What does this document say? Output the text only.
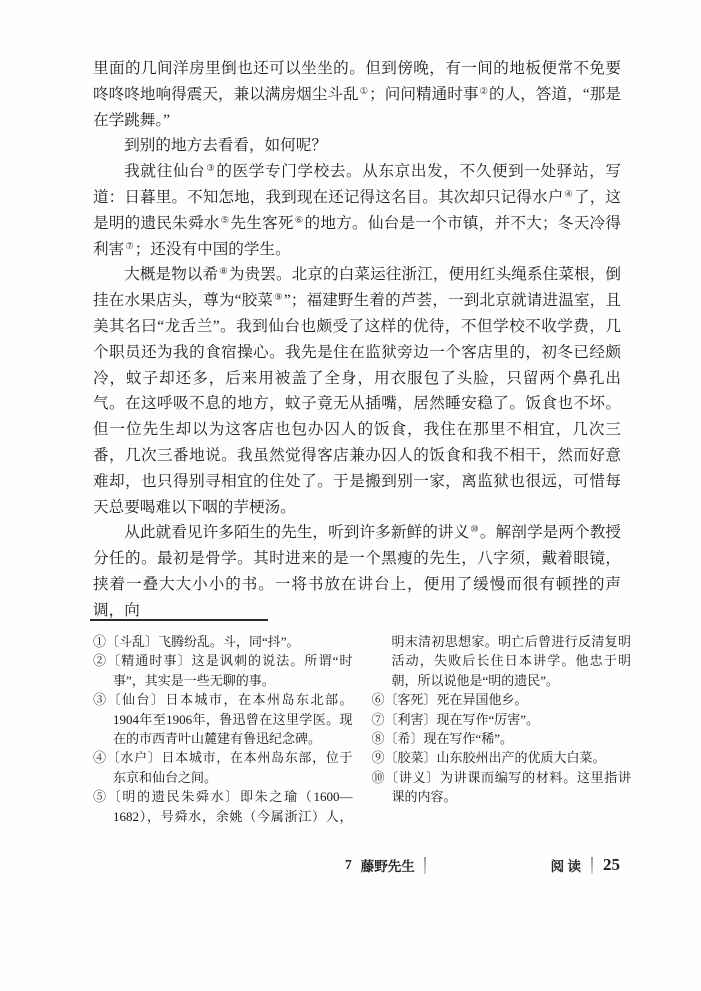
里面的几间洋房里倒也还可以坐坐的。但到傍晚，有一间的地板便常不免要咚咚咚地响得震天，兼以满房烟尘斗乱①；问问精通时事②的人，答道，“那是在学跳舞。”

到别的地方去看看，如何呢？

我就往仙台③的医学专门学校去。从东京出发，不久便到一处驿站，写道：日暮里。不知怎地，我到现在还记得这名目。其次却只记得水户④了，这是明的遗民朱舜水⑤先生客死⑥的地方。仙台是一个市镇，并不大；冬天冷得利害⑦；还没有中国的学生。

大概是物以希⑧为贵罢。北京的白菜运往浙江，便用红头绳系住菜根，倒挂在水果店头，尊为“胶菜⑨”；福建野生着的芦荟，一到北京就请进温室，且美其名曰“龙舌兰”。我到仙台也颇受了这样的优待，不但学校不收学费，几个职员还为我的食宿操心。我先是住在监狱旁边一个客店里的，初冬已经颇冷，蚊子却还多，后来用被盖了全身，用衣服包了头脸，只留两个鼻孔出气。在这呼吸不息的地方，蚊子竟无从插嘴，居然睡安稳了。饭食也不坏。但一位先生却以为这客店也包办囚人的饭食，我住在那里不相宜，几次三番，几次三番地说。我虽然觉得客店兼办囚人的饭食和我不相干，然而好意难却，也只得别寻相宜的住处了。于是搬到别一家，离监狱也很远，可惜每天总要喝难以下咽的芋梗汤。

从此就看见许多陌生的先生，听到许多新鲜的讲义⑩。解剖学是两个教授分任的。最初是骨学。其时进来的是一个黑瘦的先生，八字须，戴着眼镜，挟着一叠大大小小的书。一将书放在讲台上，便用了缓慢而很有顿挫的声调，向

①〔斗乱〕飞腾纷乱。斗，同“抖”。
②〔精通时事〕这是讽刺的说法。所谓“时事”，其实是一些无聊的事。
③〔仙台〕日本城市，在本州岛东北部。1904年至1906年，鲁迅曾在这里学医。现在的市西青叶山麓建有鲁迅纪念碑。
④〔水户〕日本城市，在本州岛东部，位于东京和仙台之间。
⑤〔明的遗民朱舜水〕即朱之瑜（1600—1682），号舜水，余姚（今属浙江）人，明末清初思想家。明亡后曾进行反清复明活动，失败后长住日本讲学。他忠于明朝，所以说他是“明的遗民”。
⑥〔客死〕死在异国他乡。
⑦〔利害〕现在写作“厉害”。
⑧〔希〕现在写作“稀”。
⑨〔胶菜〕山东胶州出产的优质大白菜。
⑩〔讲义〕为讲课而编写的材料。这里指讲课的内容。
7 藤野先生	阅 读 25
